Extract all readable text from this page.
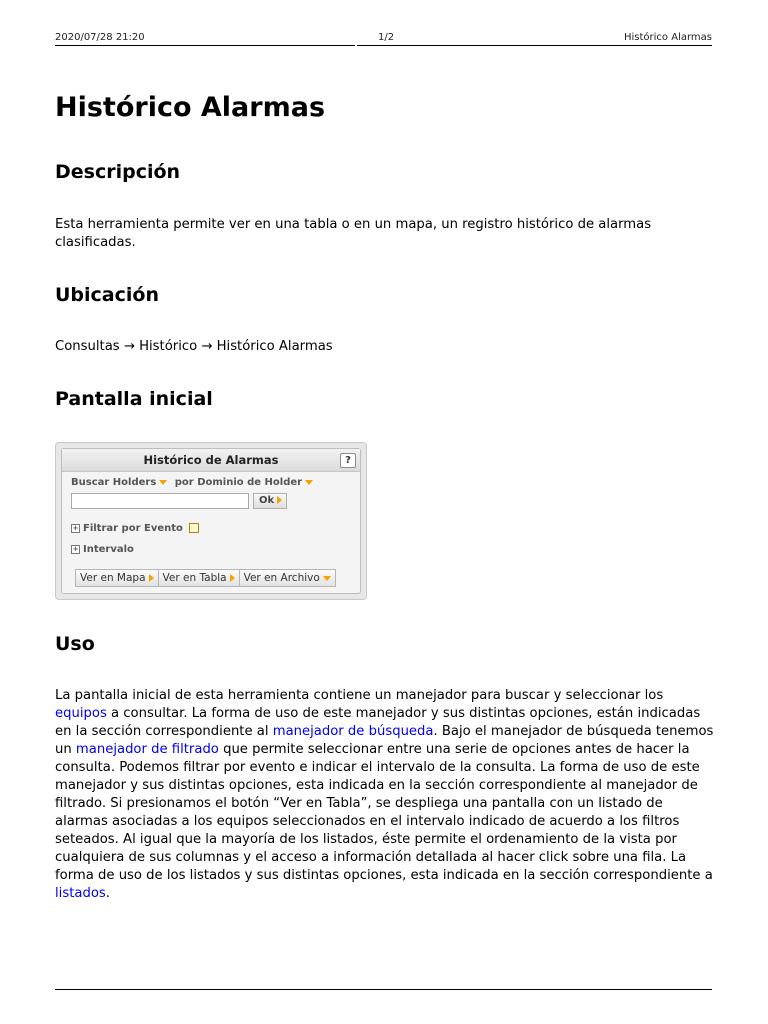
2020/07/28 21:20	1/2	Histórico Alarmas
Histórico Alarmas
Descripción

Esta herramienta permite ver en una tabla o en un mapa, un registro histórico de alarmas clasificadas.

Ubicación

Consultas → Histórico → Histórico Alarmas

Pantalla inicial
Uso

La pantalla inicial de esta herramienta contiene un manejador para buscar y seleccionar los equipos a consultar. La forma de uso de este manejador y sus distintas opciones, están indicadas en la sección correspondiente al manejador de búsqueda. Bajo el manejador de búsqueda tenemos un manejador de filtrado que permite seleccionar entre una serie de opciones antes de hacer la consulta. Podemos filtrar por evento e indicar el intervalo de la consulta. La forma de uso de este manejador y sus distintas opciones, esta indicada en la sección correspondiente al manejador de filtrado. Si presionamos el botón “Ver en Tabla”, se despliega una pantalla con un listado de alarmas asociadas a los equipos seleccionados en el intervalo indicado de acuerdo a los filtros seteados. Al igual que la mayoría de los listados, éste permite el ordenamiento de la vista por cualquiera de sus columnas y el acceso a información detallada al hacer click sobre una fila. La forma de uso de los listados y sus distintas opciones, esta indicada en la sección correspondiente a listados.

Histórico de Alarmas	?
Buscar Holders por Dominio de Holder
Ok
+ Filtrar por Evento
+ Intervalo
Ver en Mapa	Ver en Tabla	Ver en Archivo
